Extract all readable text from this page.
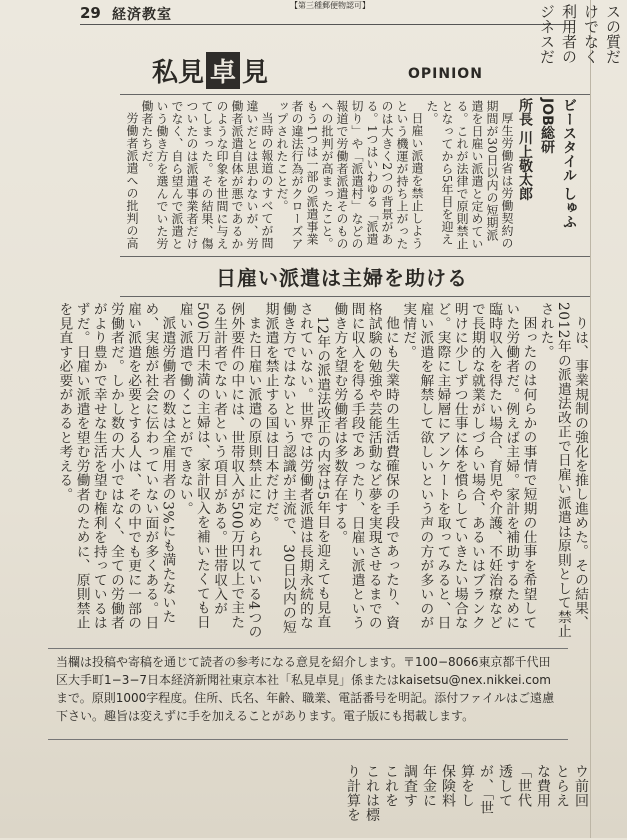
29 経済教室
【第三種郵便物認可】	スの質だけでなく利用者の ジネスだ
私見 卓 見	OPINION
ビースタイル しゅふJOB総研
所長 川上敬太郎

厚生労働省は労働契約の期間が30日以内の短期派遣を日雇い派遣と定めている。これが法律で原則禁止となってから5年目を迎えた。

日雇い派遣を禁止しようという機運が持ち上がったのは大きく2つの背景がある。1つはいわゆる「派遣切り」や「派遣村」などの報道で労働者派遣そのものへの批判が高まったこと。もう1つは一部の派遣事業者の違法行為がクローズアップされたことだ。

当時の報道のすべてが間違いだとは思わないが、労働者派遣自体が悪であるかのような印象を世間に与えてしまった。その結果、傷ついたのは派遣事業者だけでなく、自ら望んで派遣という働き方を選んでいた労働者たちだ。

労働者派遣への批判の高

日雇い派遣は主婦を助ける

りは、事業規制の強化を推し進めた。その結果、2012年の派遣法改正で日雇い派遣は原則として禁止された。

困ったのは何らかの事情で短期の仕事を希望していた労働者だ。例えば主婦。家計を補助するために臨時収入を得たい場合、育児や介護、不妊治療などで長期的な就業がしづらい場合、あるいはブランク明けに少しずつ仕事に体を慣らしていきたい場合など。実際に主婦層にアンケートを取ってみると、日雇い派遣を解禁して欲しいという声の方が多いのが実情だ。

他にも失業時の生活費確保の手段であったり、資格試験の勉強や芸能活動など夢を実現させるまでの間に収入を得る手段であったり、日雇い派遣という働き方を望む労働者は多数存在する。

12年の派遣法改正の内容は5年目を迎えても見直されていない。世界では労働者派遣は長期永続的な働き方ではないという認識が主流で、30日以内の短期派遣を禁止する国は日本だけだ。

また日雇い派遣の原則禁止に定められている4つの例外要件の中には、世帯収入が500万円以上で主たる生計者でない者という項目がある。世帯収入が500万円未満の主婦は、家計収入を補いたくても日雇い派遣で働くことができない。

派遣労働者の数は全雇用者の3%にも満たないため、実態が社会に伝わっていない面が多くある。日雇い派遣を必要とする人は、その中でも更に一部の労働者だ。しかし数の大小ではなく、全ての労働者がより豊かで幸せな生活を望む権利を持っているはずだ。日雇い派遣を望む労働者のために、原則禁止を見直す必要があると考える。

当欄は投稿や寄稿を通じて読者の参考になる意見を紹介します。〒100−8066東京都千代田区大手町1−3−7日本経済新聞社東京本社「私見卓見」係またはkaisetsu@nex.nikkei.comまで。原則1000字程度。住所、氏名、年齢、職業、電話番号を明記。添付ファイルはご遠慮下さい。趣旨は変えずに手を加えることがあります。電子版にも掲載します。
ウ前回
とらえ
な費用
「世代
透して
が、「世
算をし
保険料
年金に
調査す
これを
これは標
り計算を
